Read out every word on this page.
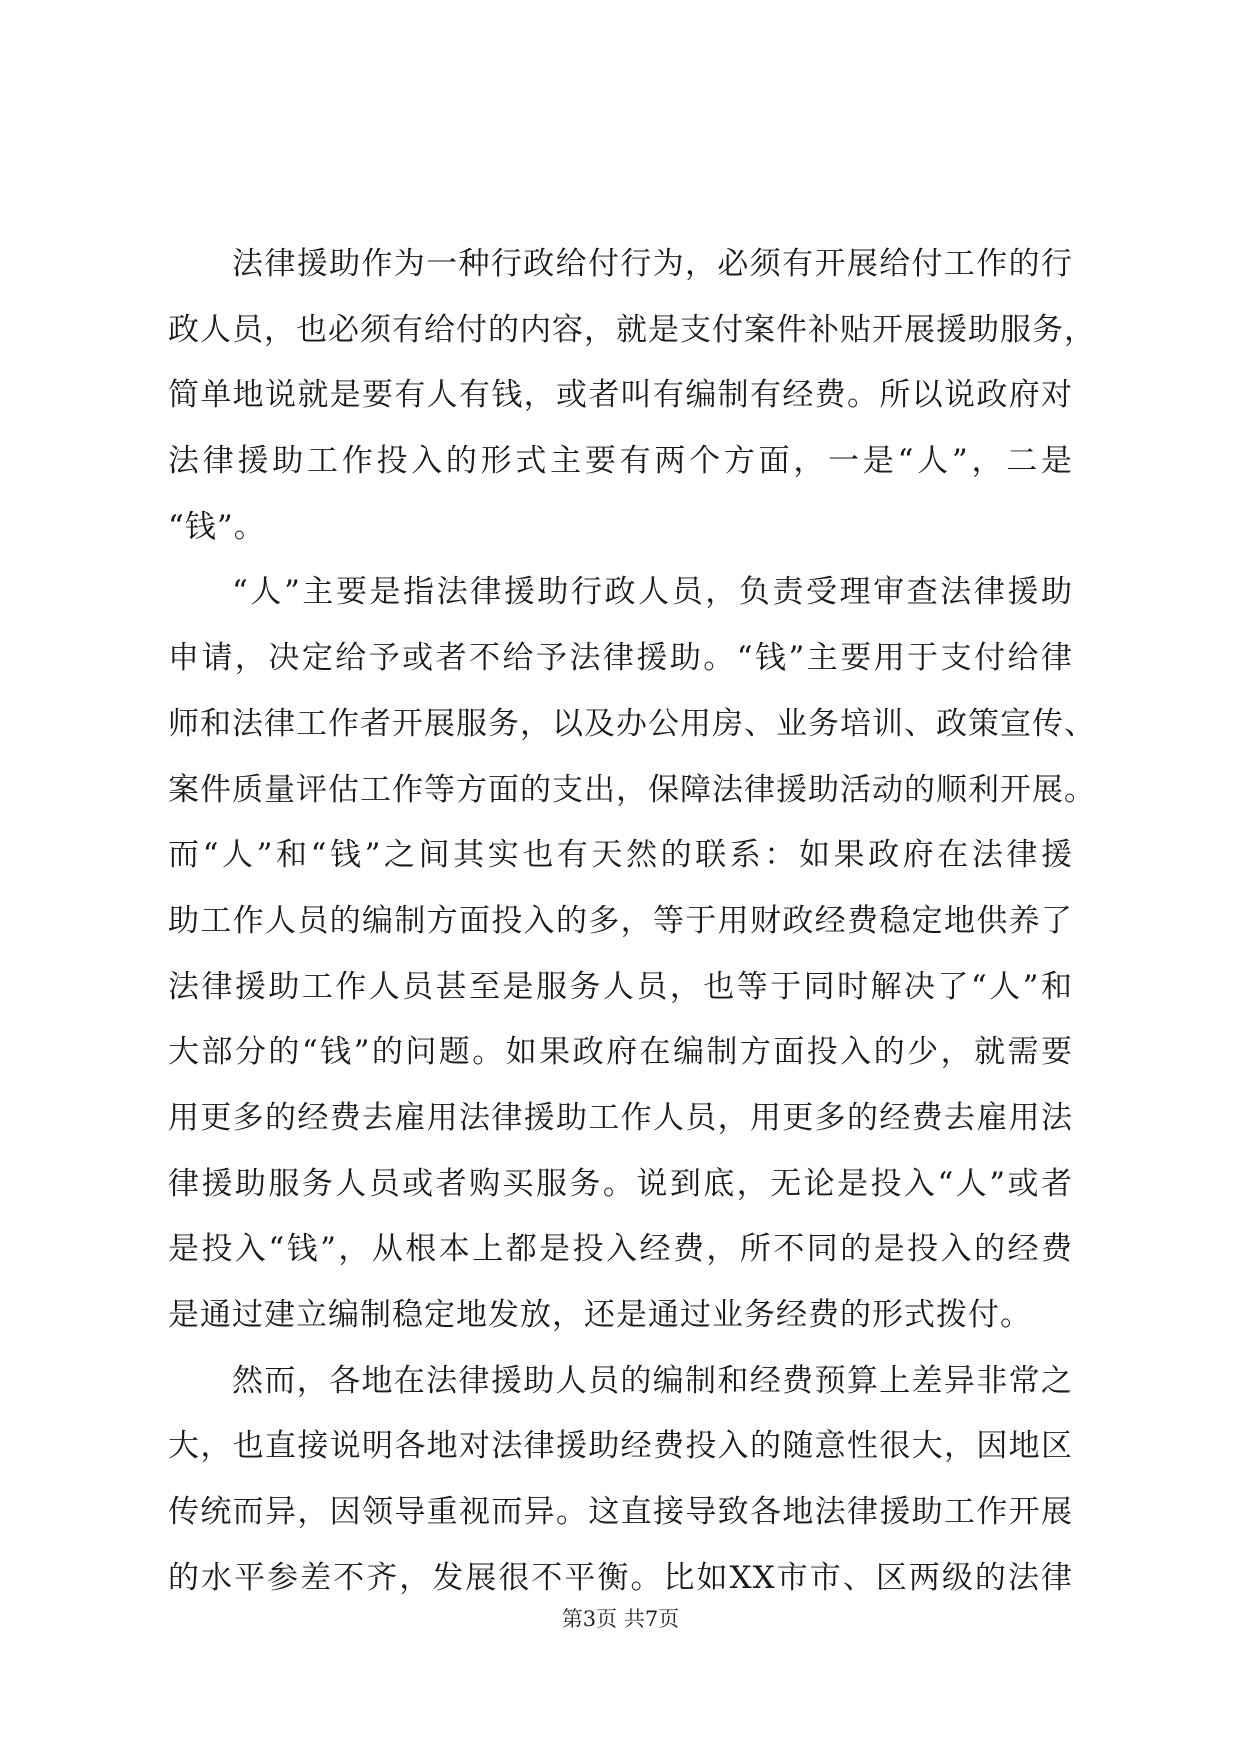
法律援助作为一种行政给付行为，必须有开展给付工作的行
政人员，也必须有给付的内容，就是支付案件补贴开展援助服务，
简单地说就是要有人有钱，或者叫有编制有经费。所以说政府对
法律援助工作投入的形式主要有两个方面，一是“人”，二是
“钱”。
“人”主要是指法律援助行政人员，负责受理审查法律援助
申请，决定给予或者不给予法律援助。“钱”主要用于支付给律
师和法律工作者开展服务，以及办公用房、业务培训、政策宣传、
案件质量评估工作等方面的支出，保障法律援助活动的顺利开展。
而“人”和“钱”之间其实也有天然的联系：如果政府在法律援
助工作人员的编制方面投入的多，等于用财政经费稳定地供养了
法律援助工作人员甚至是服务人员，也等于同时解决了“人”和
大部分的“钱”的问题。如果政府在编制方面投入的少，就需要
用更多的经费去雇用法律援助工作人员，用更多的经费去雇用法
律援助服务人员或者购买服务。说到底，无论是投入“人”或者
是投入“钱”，从根本上都是投入经费，所不同的是投入的经费
是通过建立编制稳定地发放，还是通过业务经费的形式拨付。
然而，各地在法律援助人员的编制和经费预算上差异非常之
大，也直接说明各地对法律援助经费投入的随意性很大，因地区
传统而异，因领导重视而异。这直接导致各地法律援助工作开展
的水平参差不齐，发展很不平衡。比如XX市市、区两级的法律
第3页 共7页
